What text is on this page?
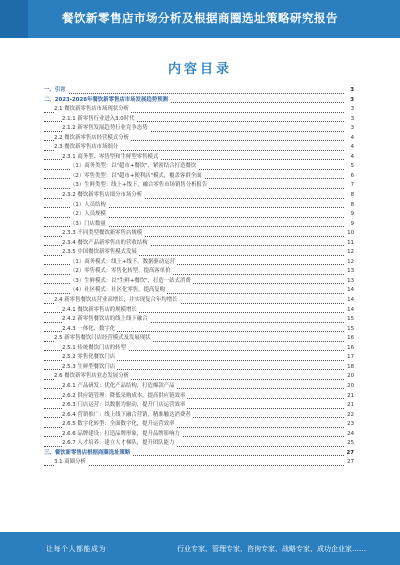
餐饮新零售店市场分析及根据商圈选址策略研究报告
内容目录
一、引言	3
二、2023-2028年餐饮新零售店市场发展趋势预测	3
2.1 餐饮新零售店市场现状分析	3
2.1.1 新零售行业进入3.0时代	3
2.1.2 新零售发展趋势行业竞争态势	3
2.2 餐饮新零售店经营模式分析	4
2.3 餐饮新零售店市场细分	4
2.3.1 商务型、零售型和生鲜型零售模式	4
（1）商务类型：以"超市+餐饮"，紧密结合打造餐饮	5
（2）零售类型：以"超市+便利店"模式，覆盖客群全面	6
（3）生鲜类型：线上+线下，融合零售市场销售分析报告	7
2.3.2 餐饮新零售店细分市场分析	8
（1）人员结构	8
（2）人员规模	9
（3）门店数量	9
2.3.3 不同类型餐饮新零售店规模	10
2.3.4 餐饮产品新零售店的营收结构	11
2.3.5 中国餐饮新零售模式发展	12
（1）商务模式：线上+线下，数据驱动运营	12
（2）零售模式：零售化转型，提高客单价	13
（3）生鲜模式：以"生鲜+餐饮"，打造一站式消费	13
（4）社区模式：社区化零售，提高复购	14
2.4 新零售餐饮店营业高增长，并实现复合年均增长	14
2.4.1 餐饮新零售店的规模增长	14
2.4.2 新零售餐饮店的线上线下融合	15
2.4.3 一体化、数字化	15
2.5 新零售餐饮门店经营模式及发展现状	16
2.5.1 传统餐饮门店的转型	16
2.5.2 零售化餐饮门店	17
2.5.3 生鲜型餐饮门店	18
2.6 餐饮新零售店业态发展分析	20
2.6.1 产品研发：优化产品结构，打造爆款产品	20
2.6.2 供应链管理：降低采购成本，提高供应链效率	21
2.6.3 门店运营：以数据为驱动，提升门店运营效率	21
2.6.4 营销推广：线上线下融合营销，精准触达消费者	22
2.6.5 数字化转型：全面数字化，提升运营效率	23
2.6.6 品牌建设：打造品牌形象，提升品牌影响力	24
2.6.7 人才培养：建立人才梯队，提升团队能力	25
三、餐饮新零售店根据商圈选址策略	27
3.1 商圈分析	27
让每个人都能成为	行业专家、管理专家、咨询专家、战略专家、成功企业家……
